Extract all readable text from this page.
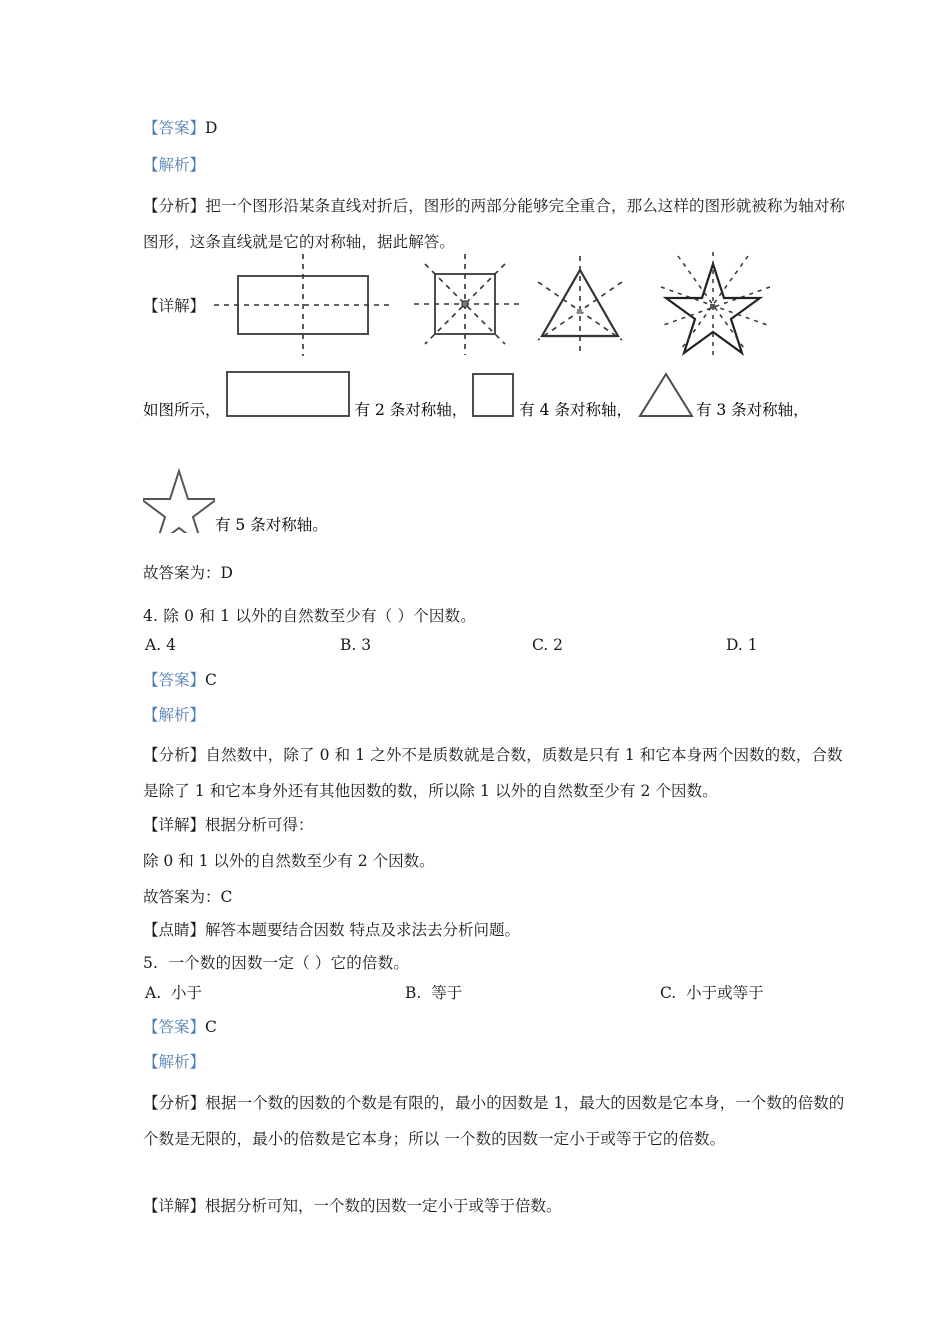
【答案】D
【解析】
【分析】把一个图形沿某条直线对折后，图形的两部分能够完全重合，那么这样的图形就被称为轴对称图形，这条直线就是它的对称轴，据此解答。
【详解】
如图所示，	有 2 条对称轴，	有 4 条对称轴，	有 3 条对称轴，
有 5 条对称轴。
故答案为：D
4. 除 0 和 1 以外的自然数至少有（ ）个因数。
A. 4	B. 3	C. 2	D. 1
【答案】C
【解析】
【分析】自然数中，除了 0 和 1 之外不是质数就是合数，质数是只有 1 和它本身两个因数的数，合数是除了 1 和它本身外还有其他因数的数，所以除 1 以外的自然数至少有 2 个因数。
【详解】根据分析可得：
除 0 和 1 以外的自然数至少有 2 个因数。
故答案为：C
【点睛】解答本题要结合因数 特点及求法去分析问题。
5. 一个数的因数一定（ ）它的倍数。
A. 小于	B. 等于	C. 小于或等于
【答案】C
【解析】
【分析】根据一个数的因数的个数是有限的，最小的因数是 1，最大的因数是它本身，一个数的倍数的个数是无限的，最小的倍数是它本身；所以 一个数的因数一定小于或等于它的倍数。
【详解】根据分析可知，一个数的因数一定小于或等于倍数。
